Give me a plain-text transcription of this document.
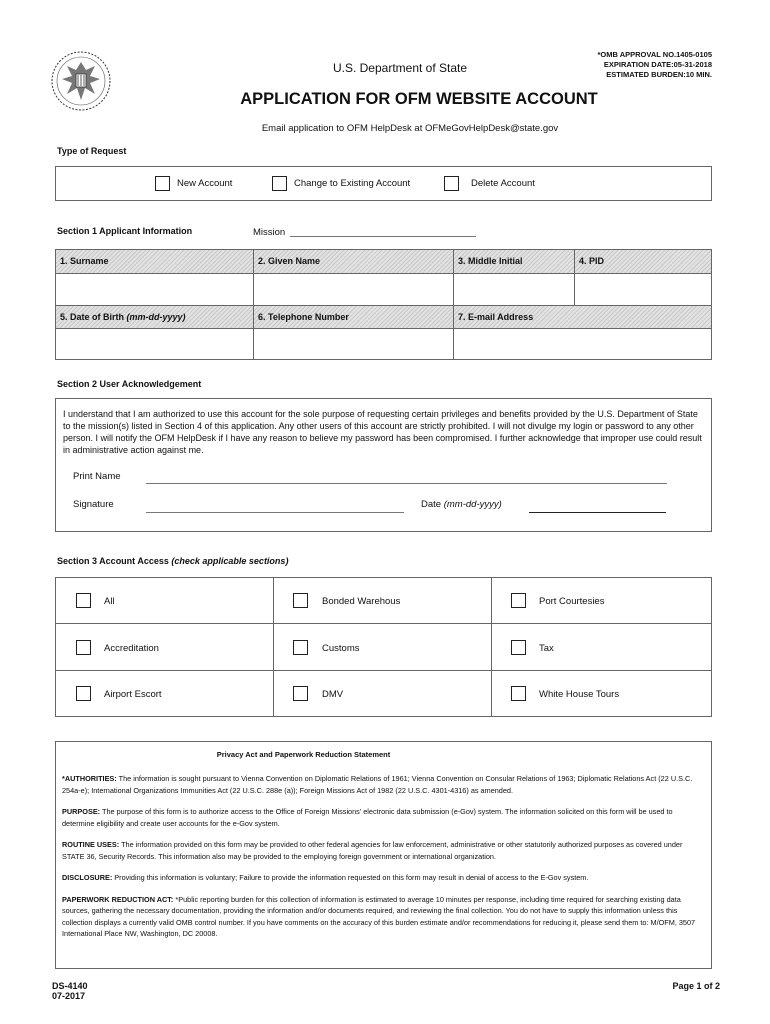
*OMB APPROVAL NO.1405-0105
EXPIRATION DATE:05-31-2018
ESTIMATED BURDEN:10 MIN.
U.S. Department of State
APPLICATION FOR OFM WEBSITE ACCOUNT
Email application to OFM HelpDesk at OFMeGovHelpDesk@state.gov
Type of Request
New Account	Change to Existing Account	Delete Account
Section 1 Applicant Information	Mission
1. Surname	2. Given Name	3. Middle Initial	4. PID
5. Date of Birth (mm-dd-yyyy)	6. Telephone Number	7. E-mail Address
Section 2 User Acknowledgement
I understand that I am authorized to use this account for the sole purpose of requesting certain privileges and benefits provided by the U.S. Department of State to the mission(s) listed in Section 4 of this application. Any other users of this account are strictly prohibited. I will not divulge my login or password to any other person. I will notify the OFM HelpDesk if I have any reason to believe my password has been compromised. I further acknowledge that improper use could result in administrative action against me.
Print Name
Signature	Date (mm-dd-yyyy)
Section 3 Account Access (check applicable sections)
All	Bonded Warehous	Port Courtesies
Accreditation	Customs	Tax
Airport Escort	DMV	White House Tours
Privacy Act and Paperwork Reduction Statement

*AUTHORITIES: The information is sought pursuant to Vienna Convention on Diplomatic Relations of 1961; Vienna Convention on Consular Relations of 1963; Diplomatic Relations Act (22 U.S.C. 254a-e); International Organizations Immunities Act (22 U.S.C. 288e (a)); Foreign Missions Act of 1982 (22 U.S.C. 4301-4316) as amended.

PURPOSE: The purpose of this form is to authorize access to the Office of Foreign Missions' electronic data submission (e-Gov) system. The information solicited on this form will be used to determine eligibility and create user accounts for the e-Gov system.

ROUTINE USES: The information provided on this form may be provided to other federal agencies for law enforcement, administrative or other statutorily authorized purposes as covered under STATE 36, Security Records. This information also may be provided to the employing foreign government or international organization.

DISCLOSURE: Providing this information is voluntary; Failure to provide the information requested on this form may result in denial of access to the E-Gov system.

PAPERWORK REDUCTION ACT: *Public reporting burden for this collection of information is estimated to average 10 minutes per response, including time required for searching existing data sources, gathering the necessary documentation, providing the information and/or documents required, and reviewing the final collection. You do not have to supply this information unless this collection displays a currently valid OMB control number. If you have comments on the accuracy of this burden estimate and/or recommendations for reducing it, please send them to: M/OFM, 3507 International Place NW, Washington, DC 20008.

DS-4140
07-2017
Page 1 of 2
